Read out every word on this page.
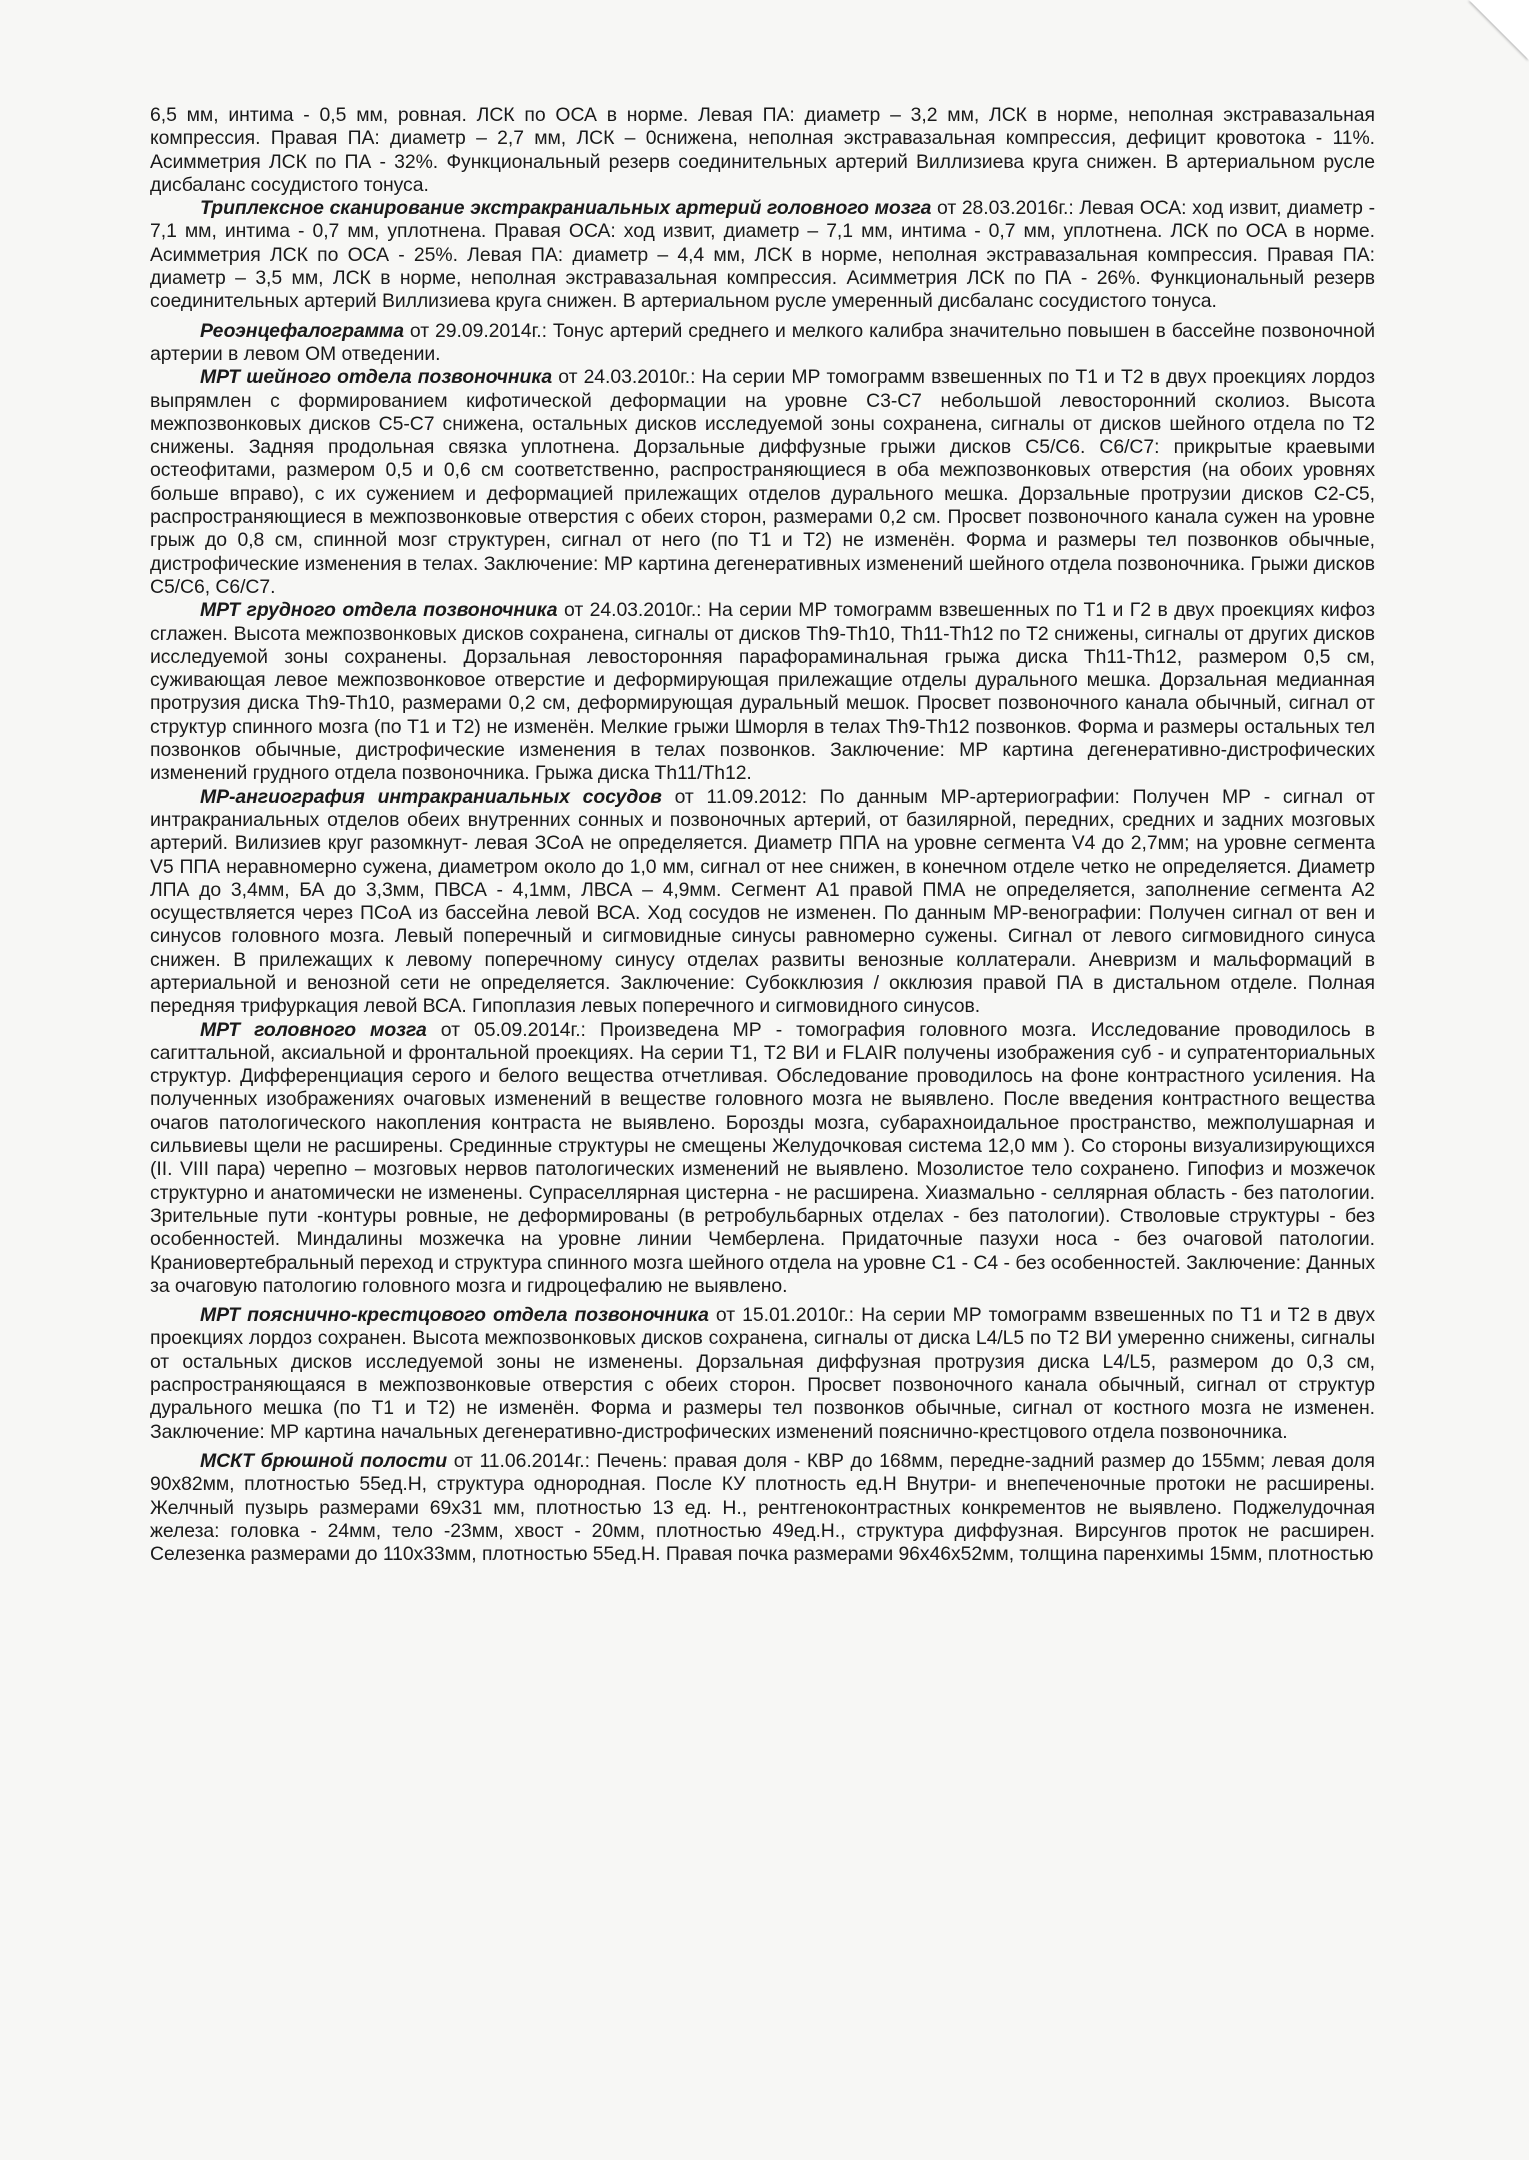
6,5 мм, интима - 0,5 мм, ровная. ЛСК по ОСА в норме. Левая ПА: диаметр – 3,2 мм, ЛСК в норме, неполная экстравазальная компрессия. Правая ПА: диаметр – 2,7 мм, ЛСК – 0снижена, неполная экстравазальная компрессия, дефицит кровотока - 11%. Асимметрия ЛСК по ПА - 32%. Функциональный резерв соединительных артерий Виллизиева круга снижен. В артериальном русле дисбаланс сосудистого тонуса.

Триплексное сканирование экстракраниальных артерий головного мозга от 28.03.2016г.: Левая ОСА: ход извит, диаметр - 7,1 мм, интима - 0,7 мм, уплотнена. Правая ОСА: ход извит, диаметр – 7,1 мм, интима - 0,7 мм, уплотнена. ЛСК по ОСА в норме. Асимметрия ЛСК по ОСА - 25%. Левая ПА: диаметр – 4,4 мм, ЛСК в норме, неполная экстравазальная компрессия. Правая ПА: диаметр – 3,5 мм, ЛСК в норме, неполная экстравазальная компрессия. Асимметрия ЛСК по ПА - 26%. Функциональный резерв соединительных артерий Виллизиева круга снижен. В артериальном русле умеренный дисбаланс сосудистого тонуса.

Реоэнцефалограмма от 29.09.2014г.: Тонус артерий среднего и мелкого калибра значительно повышен в бассейне позвоночной артерии в левом ОМ отведении.

МРТ шейного отдела позвоночника от 24.03.2010г.: На серии МР томограмм взвешенных по Т1 и Т2 в двух проекциях лордоз выпрямлен с формированием кифотической деформации на уровне С3-С7 небольшой левосторонний сколиоз. Высота межпозвонковых дисков С5-С7 снижена, остальных дисков исследуемой зоны сохранена, сигналы от дисков шейного отдела по Т2 снижены. Задняя продольная связка уплотнена. Дорзальные диффузные грыжи дисков С5/С6. С6/С7: прикрытые краевыми остеофитами, размером 0,5 и 0,6 см соответственно, распространяющиеся в оба межпозвонковых отверстия (на обоих уровнях больше вправо), с их сужением и деформацией прилежащих отделов дурального мешка. Дорзальные протрузии дисков С2-С5, распространяющиеся в межпозвонковые отверстия с обеих сторон, размерами 0,2 см. Просвет позвоночного канала сужен на уровне грыж до 0,8 см, спинной мозг структурен, сигнал от него (по Т1 и Т2) не изменён. Форма и размеры тел позвонков обычные, дистрофические изменения в телах. Заключение: МР картина дегенеративных изменений шейного отдела позвоночника. Грыжи дисков С5/С6, С6/С7.

МРТ грудного отдела позвоночника от 24.03.2010г.: На серии МР томограмм взвешенных по Т1 и Г2 в двух проекциях кифоз сглажен. Высота межпозвонковых дисков сохранена, сигналы от дисков Th9-Th10, Th11-Th12 по Т2 снижены, сигналы от других дисков исследуемой зоны сохранены. Дорзальная левосторонняя парафораминальная грыжа диска Th11-Th12, размером 0,5 см, суживающая левое межпозвонковое отверстие и деформирующая прилежащие отделы дурального мешка. Дорзальная медианная протрузия диска Th9-Th10, размерами 0,2 см, деформирующая дуральный мешок. Просвет позвоночного канала обычный, сигнал от структур спинного мозга (по Т1 и Т2) не изменён. Мелкие грыжи Шморля в телах Th9-Th12 позвонков. Форма и размеры остальных тел позвонков обычные, дистрофические изменения в телах позвонков. Заключение: МР картина дегенеративно-дистрофических изменений грудного отдела позвоночника. Грыжа диска Th11/Th12.

МР-ангиография интракраниальных сосудов от 11.09.2012: По данным МР-артериографии: Получен МР - сигнал от интракраниальных отделов обеих внутренних сонных и позвоночных артерий, от базилярной, передних, средних и задних мозговых артерий. Вилизиев круг разомкнут- левая ЗСоА не определяется. Диаметр ППА на уровне сегмента V4 до 2,7мм; на уровне сегмента V5 ППА неравномерно сужена, диаметром около до 1,0 мм, сигнал от нее снижен, в конечном отделе четко не определяется. Диаметр ЛПА до 3,4мм, БА до 3,3мм, ПВСА - 4,1мм, ЛВСА – 4,9мм. Сегмент А1 правой ПМА не определяется, заполнение сегмента А2 осуществляется через ПСоА из бассейна левой ВСА. Ход сосудов не изменен. По данным МР-венографии: Получен сигнал от вен и синусов головного мозга. Левый поперечный и сигмовидные синусы равномерно сужены. Сигнал от левого сигмовидного синуса снижен. В прилежащих к левому поперечному синусу отделах развиты венозные коллатерали. Аневризм и мальформаций в артериальной и венозной сети не определяется. Заключение: Субокклюзия / окклюзия правой ПА в дистальном отделе. Полная передняя трифуркация левой ВСА. Гипоплазия левых поперечного и сигмовидного синусов.

МРТ головного мозга от 05.09.2014г.: Произведена МР - томография головного мозга. Исследование проводилось в сагиттальной, аксиальной и фронтальной проекциях. На серии Т1, Т2 ВИ и FLAIR получены изображения суб - и супратенториальных структур. Дифференциация серого и белого вещества отчетливая. Обследование проводилось на фоне контрастного усиления. На полученных изображениях очаговых изменений в веществе головного мозга не выявлено. После введения контрастного вещества очагов патологического накопления контраста не выявлено. Борозды мозга, субарахноидальное пространство, межполушарная и сильвиевы щели не расширены. Срединные структуры не смещены Желудочковая система 12,0 мм ). Со стороны визуализирующихся (II. VIII пара) черепно – мозговых нервов патологических изменений не выявлено. Мозолистое тело сохранено. Гипофиз и мозжечок структурно и анатомически не изменены. Супраселлярная цистерна - не расширена. Хиазмально - селлярная область - без патологии. Зрительные пути -контуры ровные, не деформированы (в ретробульбарных отделах - без патологии). Стволовые структуры - без особенностей. Миндалины мозжечка на уровне линии Чемберлена. Придаточные пазухи носа - без очаговой патологии. Краниовертебральный переход и структура спинного мозга шейного отдела на уровне С1 - С4 - без особенностей. Заключение: Данных за очаговую патологию головного мозга и гидроцефалию не выявлено.

МРТ пояснично-крестцового отдела позвоночника от 15.01.2010г.: На серии МР томограмм взвешенных по Т1 и Т2 в двух проекциях лордоз сохранен. Высота межпозвонковых дисков сохранена, сигналы от диска L4/L5 по Т2 ВИ умеренно снижены, сигналы от остальных дисков исследуемой зоны не изменены. Дорзальная диффузная протрузия диска L4/L5, размером до 0,3 см, распространяющаяся в межпозвонковые отверстия с обеих сторон. Просвет позвоночного канала обычный, сигнал от структур дурального мешка (по Т1 и Т2) не изменён. Форма и размеры тел позвонков обычные, сигнал от костного мозга не изменен. Заключение: МР картина начальных дегенеративно-дистрофических изменений пояснично-крестцового отдела позвоночника.

МСКТ брюшной полости от 11.06.2014г.: Печень: правая доля - КВР до 168мм, передне-задний размер до 155мм; левая доля 90х82мм, плотностью 55ед.Н, структура однородная. После КУ плотность ед.Н Внутри- и внепеченочные протоки не расширены. Желчный пузырь размерами 69х31 мм, плотностью 13 ед. Н., рентгеноконтрастных конкрементов не выявлено. Поджелудочная железа: головка - 24мм, тело -23мм, хвост - 20мм, плотностью 49ед.Н., структура диффузная. Вирсунгов проток не расширен. Селезенка размерами до 110х33мм, плотностью 55ед.Н. Правая почка размерами 96х46х52мм, толщина паренхимы 15мм, плотностью
